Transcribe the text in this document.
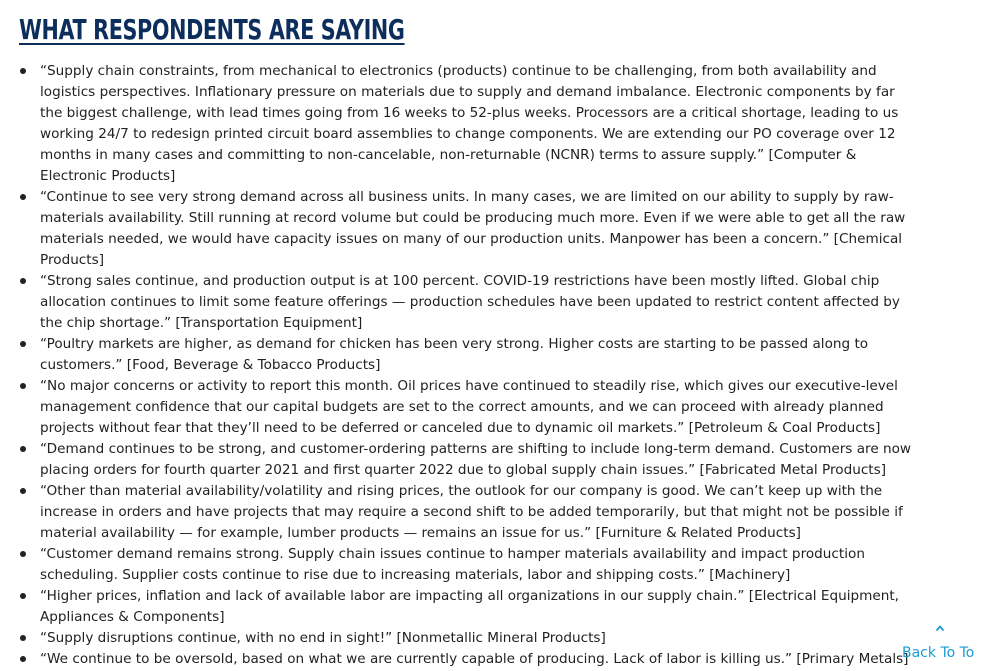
WHAT RESPONDENTS ARE SAYING
“Supply chain constraints, from mechanical to electronics (products) continue to be challenging, from both availability and logistics perspectives. Inflationary pressure on materials due to supply and demand imbalance. Electronic components by far the biggest challenge, with lead times going from 16 weeks to 52-plus weeks. Processors are a critical shortage, leading to us working 24/7 to redesign printed circuit board assemblies to change components. We are extending our PO coverage over 12 months in many cases and committing to non-cancelable, non-returnable (NCNR) terms to assure supply.” [Computer & Electronic Products]
“Continue to see very strong demand across all business units. In many cases, we are limited on our ability to supply by raw-materials availability. Still running at record volume but could be producing much more. Even if we were able to get all the raw materials needed, we would have capacity issues on many of our production units. Manpower has been a concern.” [Chemical Products]
“Strong sales continue, and production output is at 100 percent. COVID-19 restrictions have been mostly lifted. Global chip allocation continues to limit some feature offerings — production schedules have been updated to restrict content affected by the chip shortage.” [Transportation Equipment]
“Poultry markets are higher, as demand for chicken has been very strong. Higher costs are starting to be passed along to customers.” [Food, Beverage & Tobacco Products]
“No major concerns or activity to report this month. Oil prices have continued to steadily rise, which gives our executive-level management confidence that our capital budgets are set to the correct amounts, and we can proceed with already planned projects without fear that they’ll need to be deferred or canceled due to dynamic oil markets.” [Petroleum & Coal Products]
“Demand continues to be strong, and customer-ordering patterns are shifting to include long-term demand. Customers are now placing orders for fourth quarter 2021 and first quarter 2022 due to global supply chain issues.” [Fabricated Metal Products]
“Other than material availability/volatility and rising prices, the outlook for our company is good. We can’t keep up with the increase in orders and have projects that may require a second shift to be added temporarily, but that might not be possible if material availability — for example, lumber products — remains an issue for us.” [Furniture & Related Products]
“Customer demand remains strong. Supply chain issues continue to hamper materials availability and impact production scheduling. Supplier costs continue to rise due to increasing materials, labor and shipping costs.” [Machinery]
“Higher prices, inflation and lack of available labor are impacting all organizations in our supply chain.” [Electrical Equipment, Appliances & Components]
“Supply disruptions continue, with no end in sight!” [Nonmetallic Mineral Products]
“We continue to be oversold, based on what we are currently capable of producing. Lack of labor is killing us.” [Primary Metals]
Back To To
